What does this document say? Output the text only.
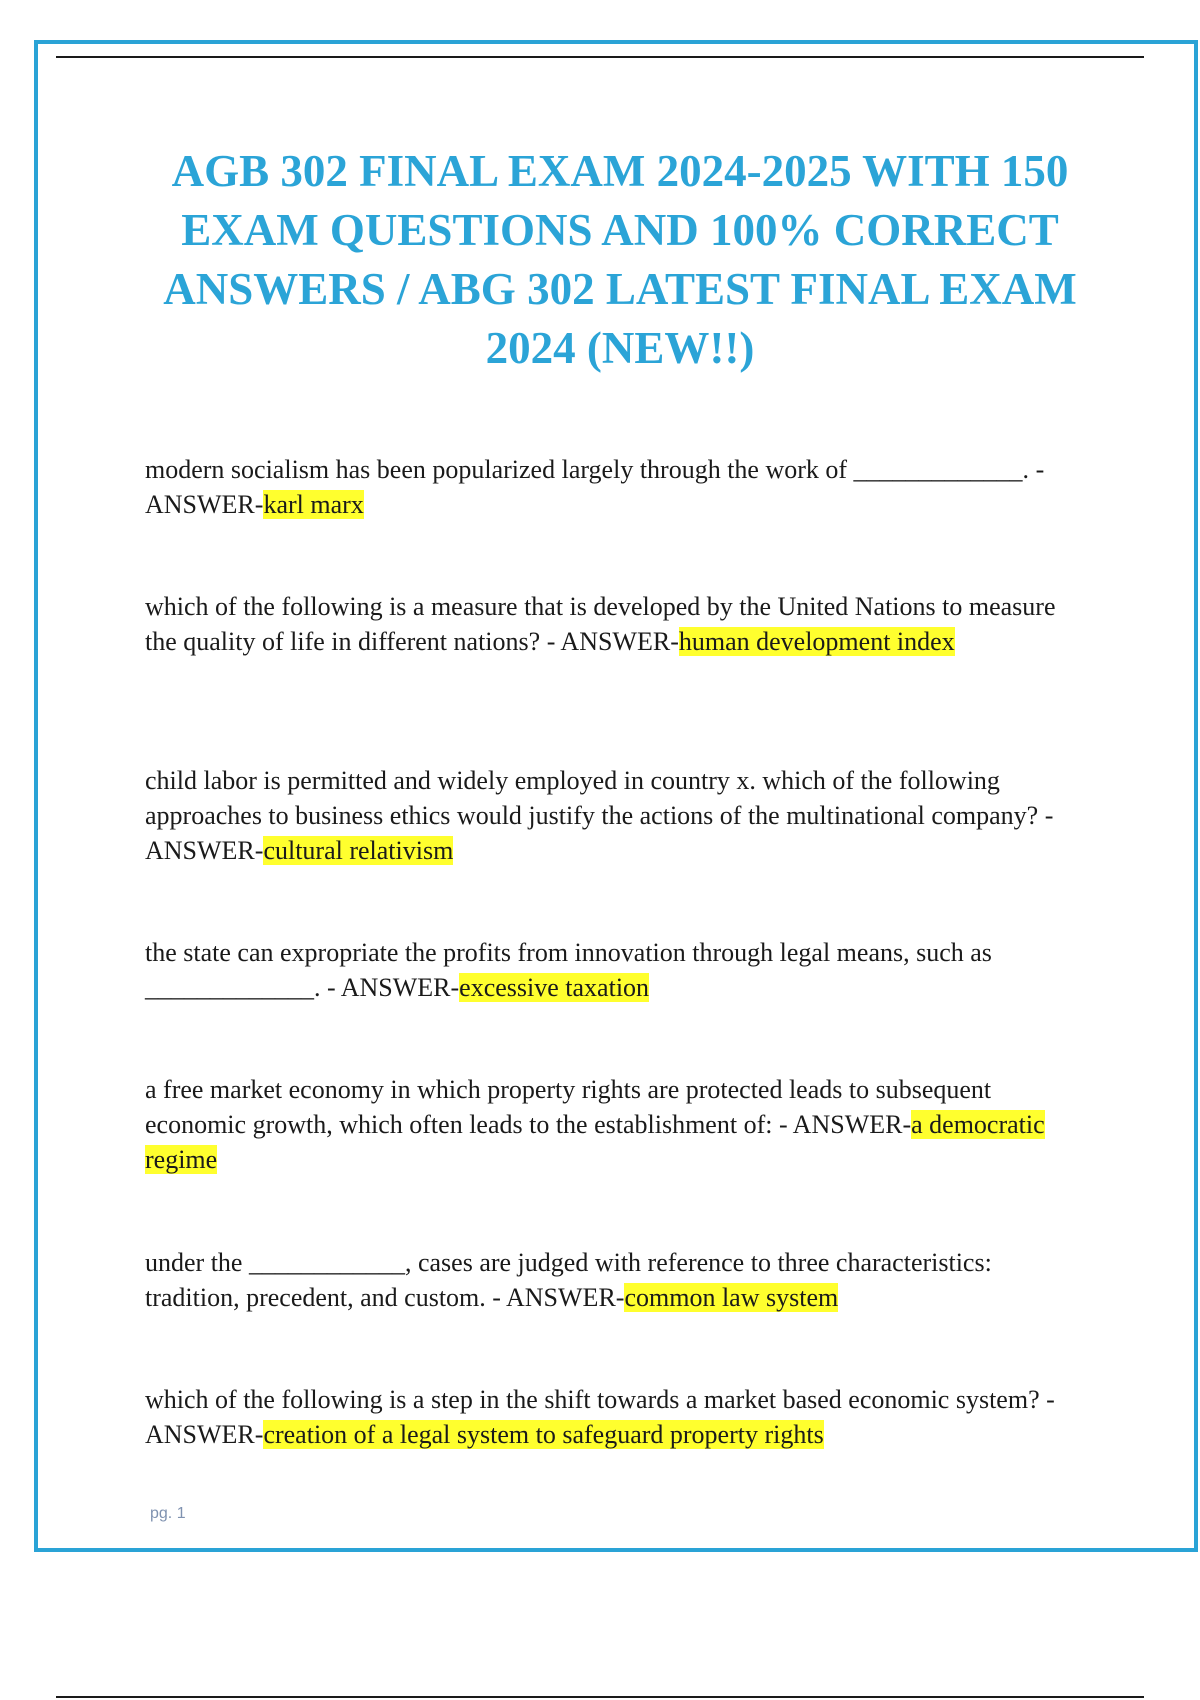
AGB 302 FINAL EXAM 2024-2025 WITH 150 EXAM QUESTIONS AND 100% CORRECT ANSWERS / ABG 302 LATEST FINAL EXAM 2024 (NEW!!)
modern socialism has been popularized largely through the work of _____________. - ANSWER-karl marx
which of the following is a measure that is developed by the United Nations to measure the quality of life in different nations? - ANSWER-human development index
child labor is permitted and widely employed in country x. which of the following approaches to business ethics would justify the actions of the multinational company? - ANSWER-cultural relativism
the state can expropriate the profits from innovation through legal means, such as _____________. - ANSWER-excessive taxation
a free market economy in which property rights are protected leads to subsequent economic growth, which often leads to the establishment of: - ANSWER-a democratic regime
under the ____________, cases are judged with reference to three characteristics: tradition, precedent, and custom. - ANSWER-common law system
which of the following is a step in the shift towards a market based economic system? - ANSWER-creation of a legal system to safeguard property rights
pg. 1
